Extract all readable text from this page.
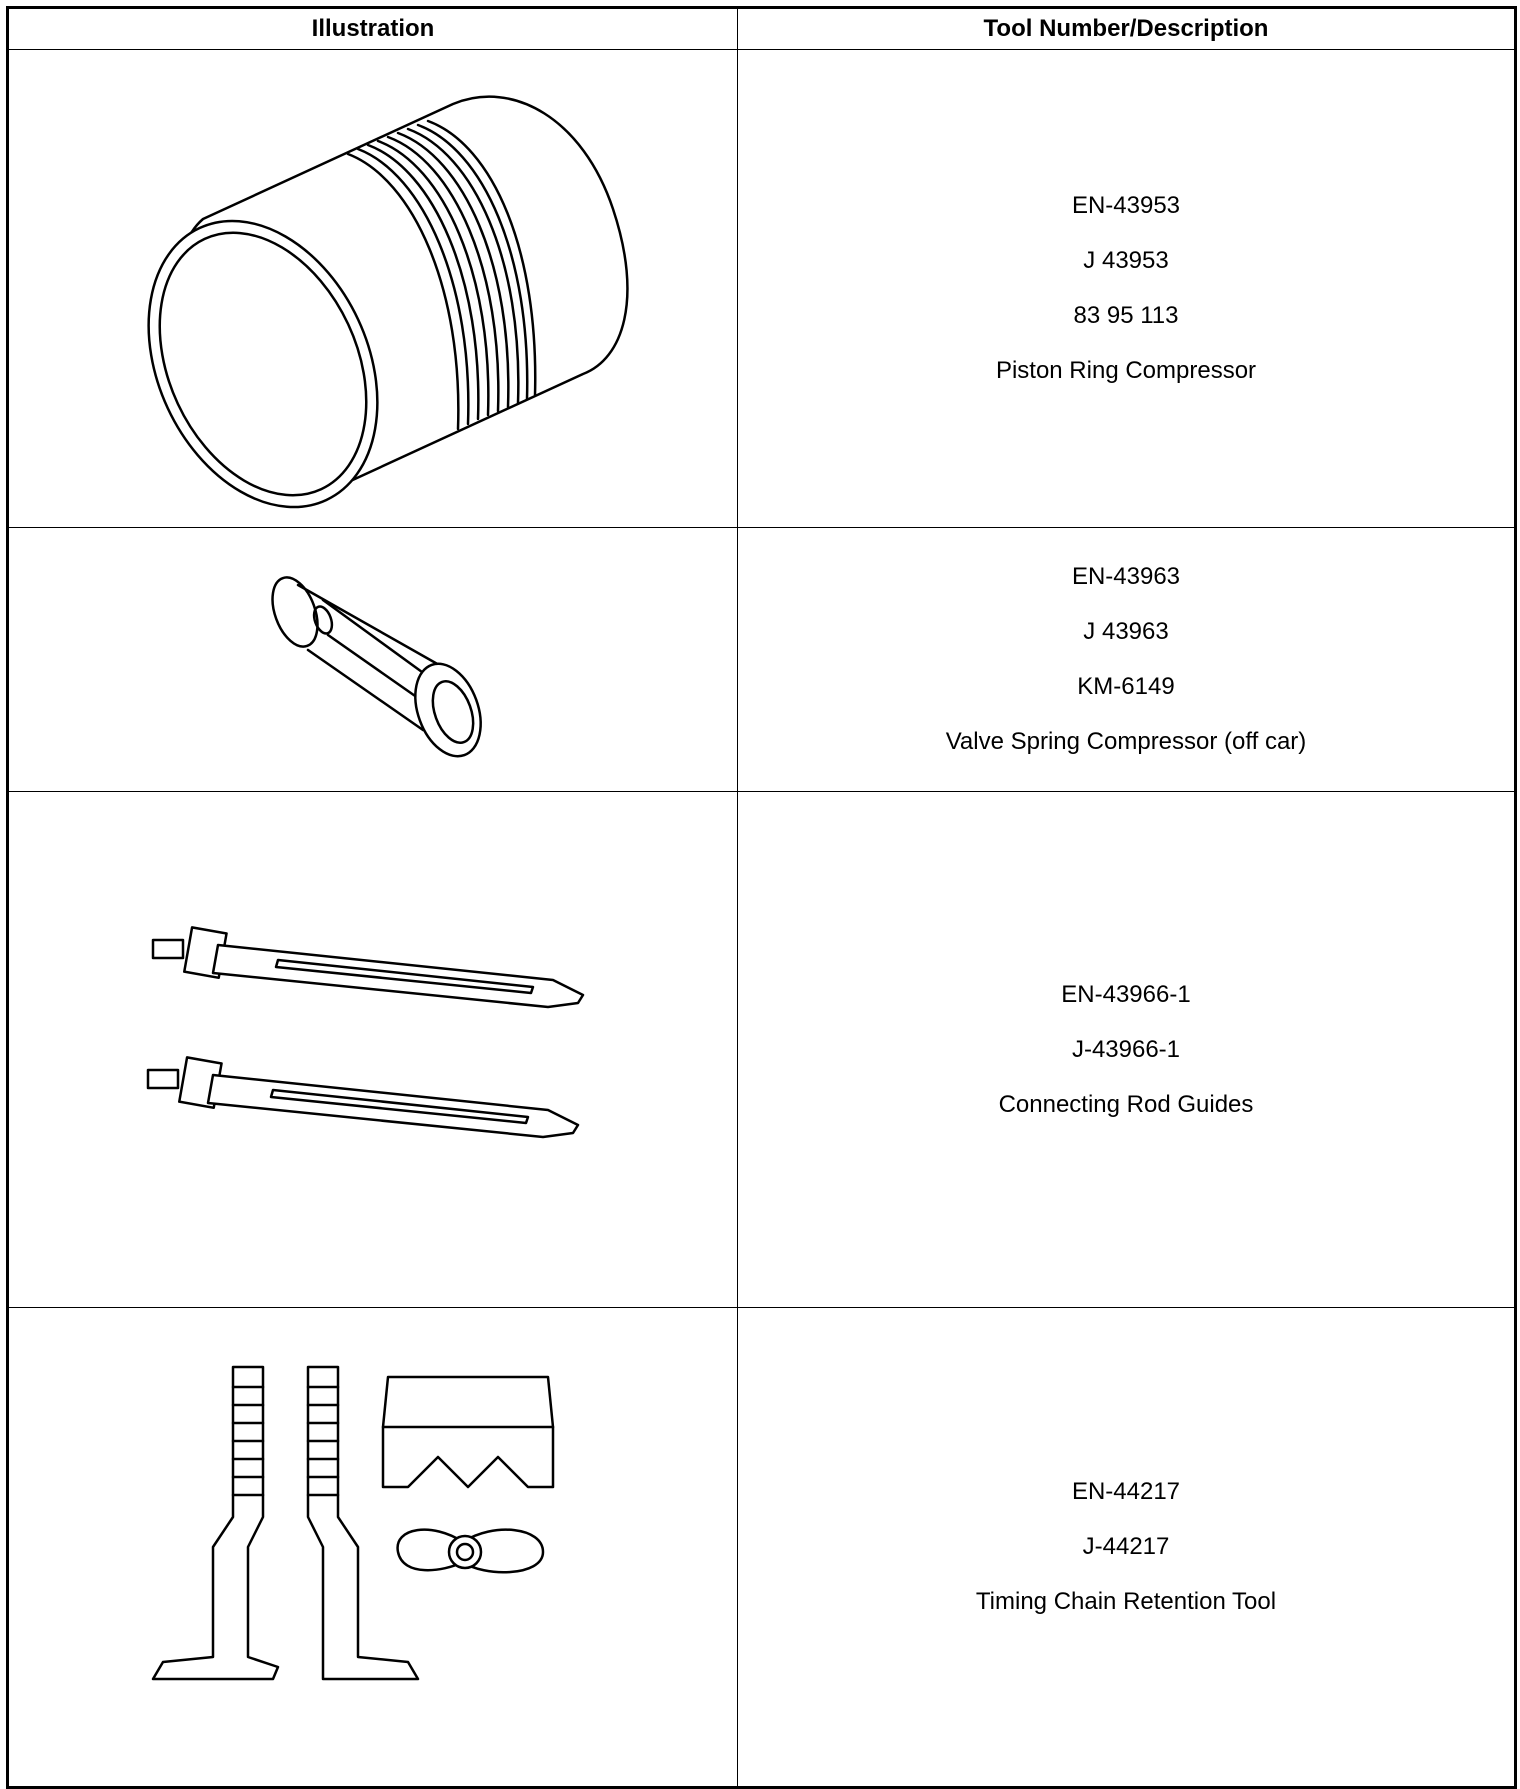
Illustration	Tool Number/Description

EN-43953
J 43953
83 95 113
Piston Ring Compressor

EN-43963
J 43963
KM-6149
Valve Spring Compressor (off car)

EN-43966-1
J-43966-1
Connecting Rod Guides

EN-44217
J-44217
Timing Chain Retention Tool
